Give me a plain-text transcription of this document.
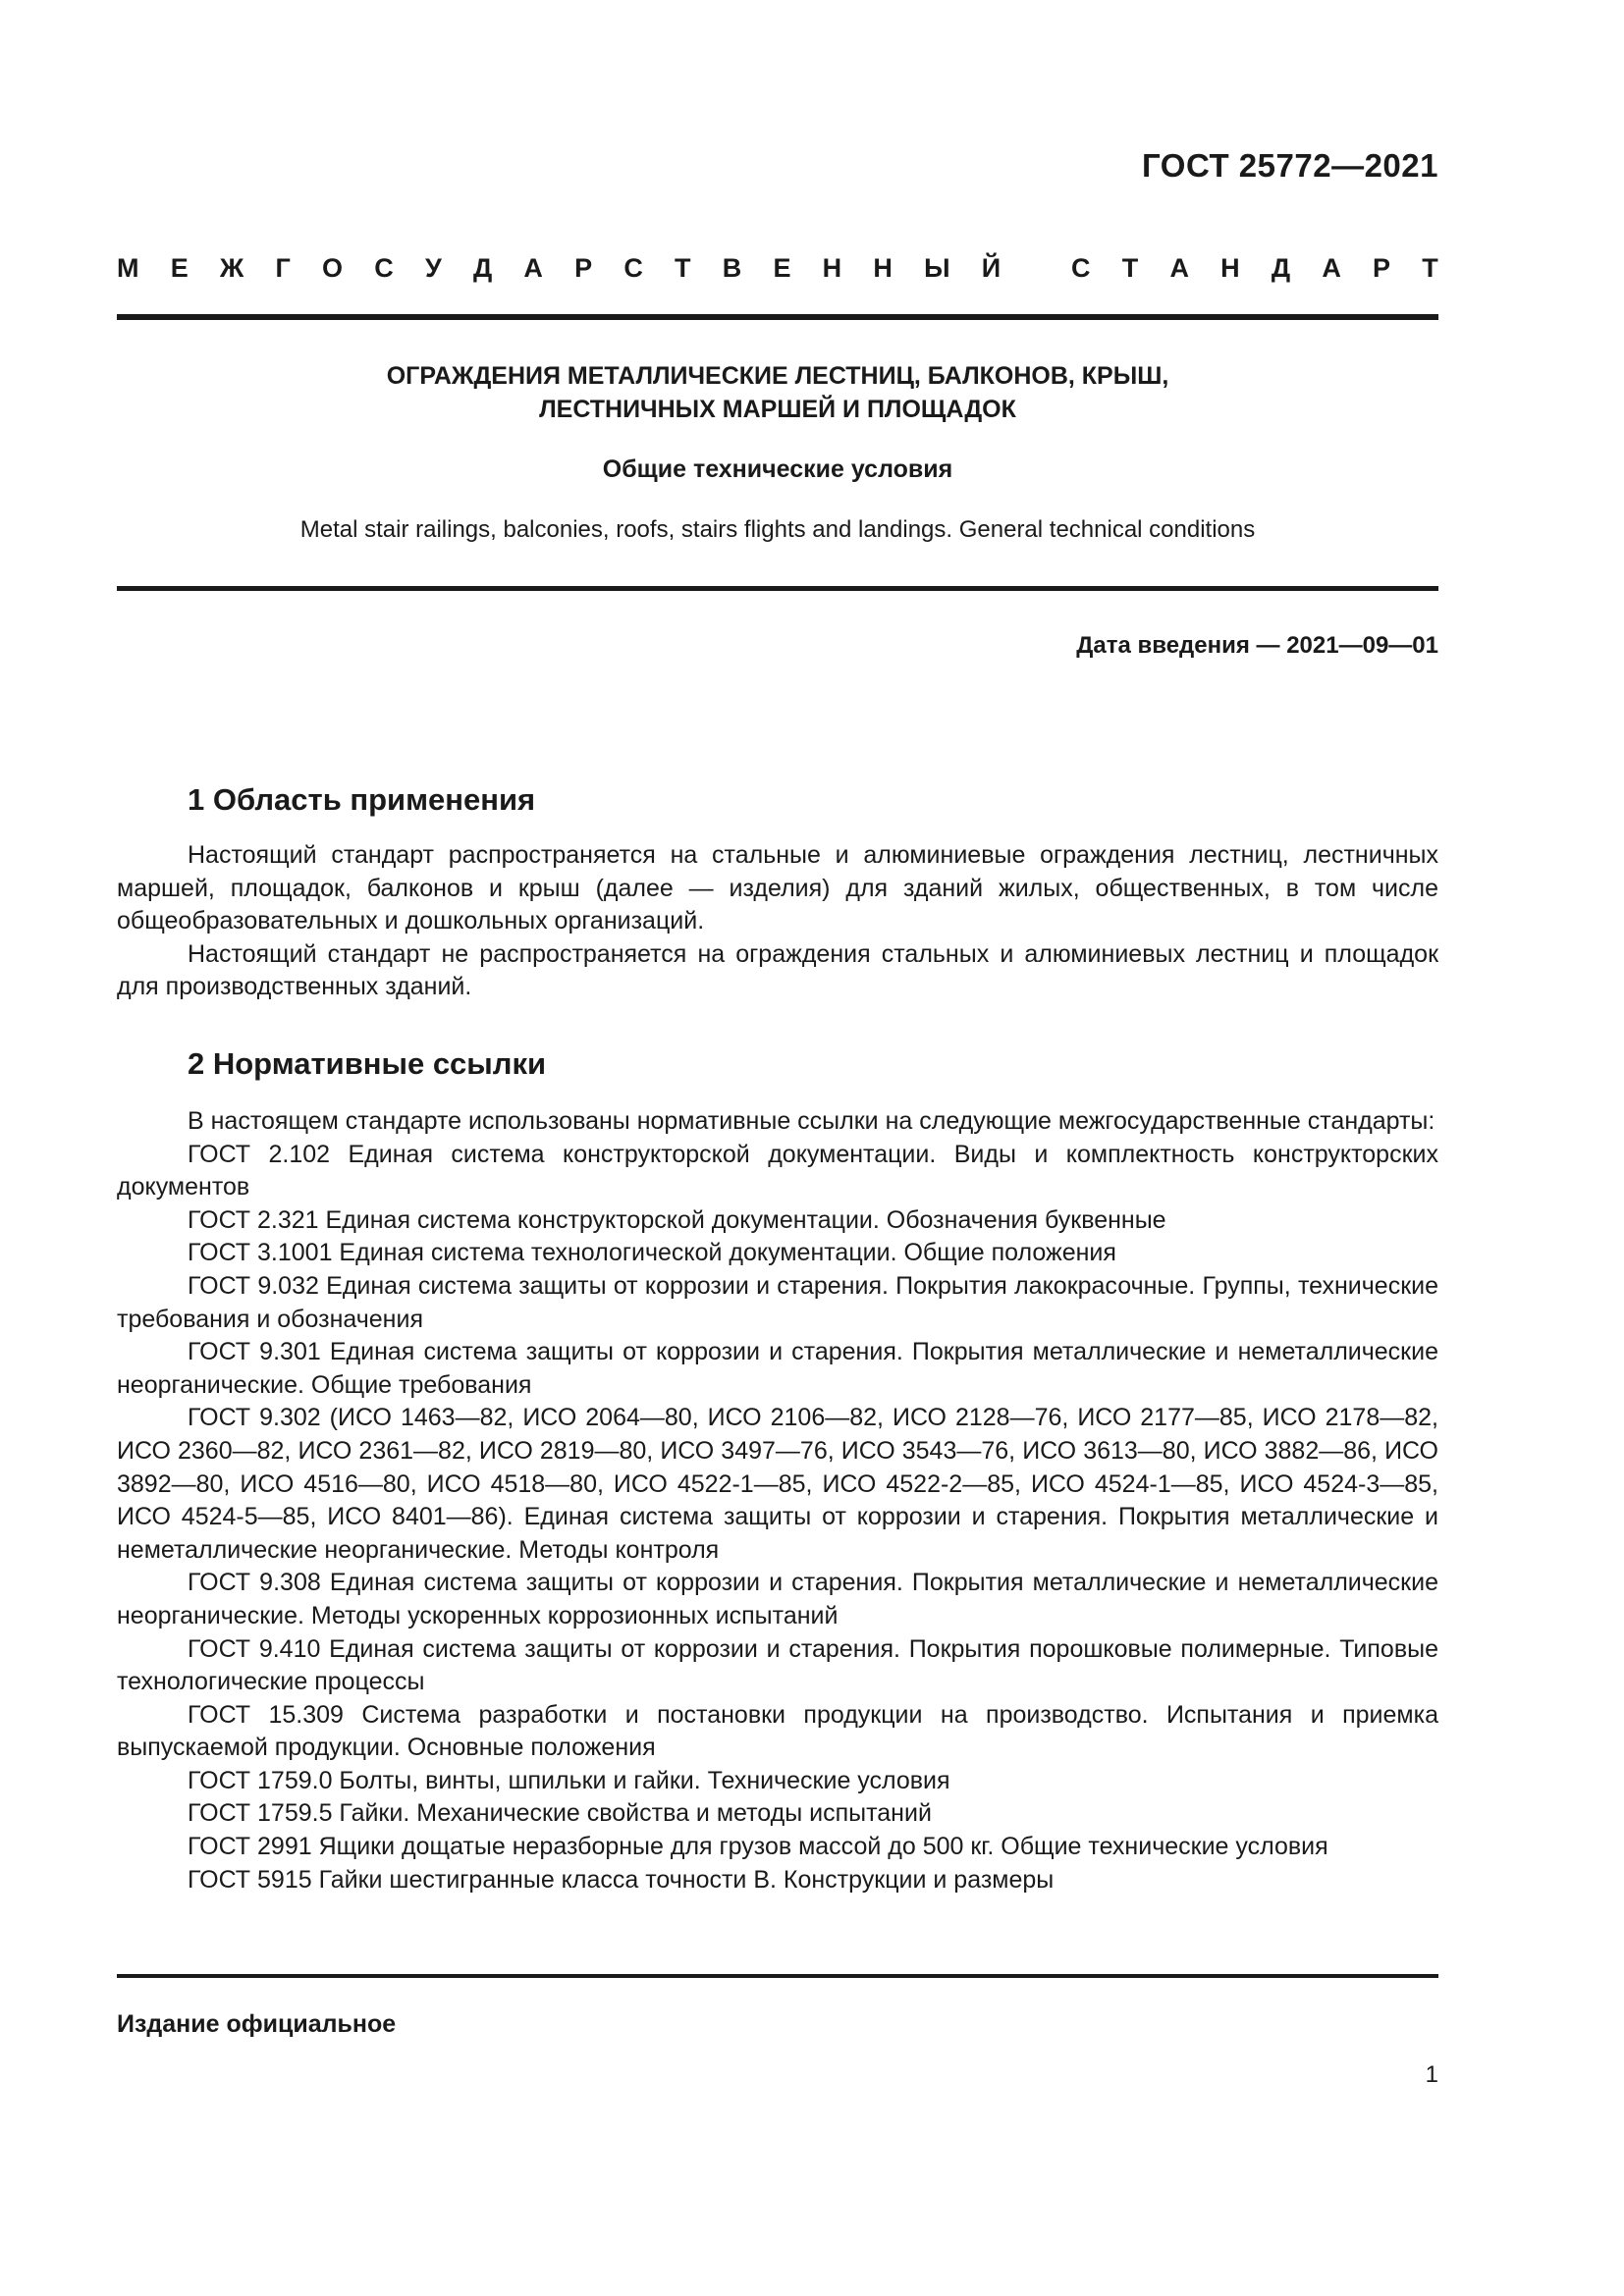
ГОСТ 25772—2021
М Е Ж Г О С У Д А Р С Т В Е Н Н Ы Й
	С Т А Н Д А Р Т
ОГРАЖДЕНИЯ МЕТАЛЛИЧЕСКИЕ ЛЕСТНИЦ, БАЛКОНОВ, КРЫШ,
ЛЕСТНИЧНЫХ МАРШЕЙ И ПЛОЩАДОК
Общие технические условия
Metal stair railings, balconies, roofs, stairs flights and landings. General technical conditions
Дата введения — 2021—09—01
1 Область применения

Настоящий стандарт распространяется на стальные и алюминиевые ограждения лестниц, лестничных маршей, площадок, балконов и крыш (далее — изделия) для зданий жилых, общественных, в том числе общеобразовательных и дошкольных организаций.

Настоящий стандарт не распространяется на ограждения стальных и алюминиевых лестниц и площадок для производственных зданий.

2 Нормативные ссылки

В настоящем стандарте использованы нормативные ссылки на следующие межгосударственные стандарты:

ГОСТ 2.102 Единая система конструкторской документации. Виды и комплектность конструкторских документов

ГОСТ 2.321 Единая система конструкторской документации. Обозначения буквенные

ГОСТ 3.1001 Единая система технологической документации. Общие положения

ГОСТ 9.032 Единая система защиты от коррозии и старения. Покрытия лакокрасочные. Группы, технические требования и обозначения

ГОСТ 9.301 Единая система защиты от коррозии и старения. Покрытия металлические и неметаллические неорганические. Общие требования

ГОСТ 9.302 (ИСО 1463—82, ИСО 2064—80, ИСО 2106—82, ИСО 2128—76, ИСО 2177—85, ИСО 2178—82, ИСО 2360—82, ИСО 2361—82, ИСО 2819—80, ИСО 3497—76, ИСО 3543—76, ИСО 3613—80, ИСО 3882—86, ИСО 3892—80, ИСО 4516—80, ИСО 4518—80, ИСО 4522-1—85, ИСО 4522-2—85, ИСО 4524-1—85, ИСО 4524-3—85, ИСО 4524-5—85, ИСО 8401—86). Единая система защиты от коррозии и старения. Покрытия металлические и неметаллические неорганические. Методы контроля

ГОСТ 9.308 Единая система защиты от коррозии и старения. Покрытия металлические и неметаллические неорганические. Методы ускоренных коррозионных испытаний

ГОСТ 9.410 Единая система защиты от коррозии и старения. Покрытия порошковые полимерные. Типовые технологические процессы

ГОСТ 15.309 Система разработки и постановки продукции на производство. Испытания и приемка выпускаемой продукции. Основные положения

ГОСТ 1759.0 Болты, винты, шпильки и гайки. Технические условия

ГОСТ 1759.5 Гайки. Механические свойства и методы испытаний

ГОСТ 2991 Ящики дощатые неразборные для грузов массой до 500 кг. Общие технические условия

ГОСТ 5915 Гайки шестигранные класса точности В. Конструкции и размеры

Издание официальное
1
